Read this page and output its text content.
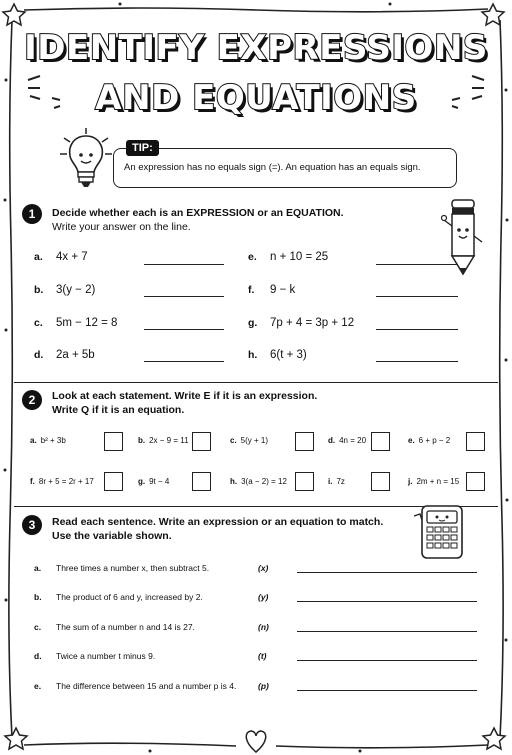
IDENTIFY EXPRESSIONS
AND EQUATIONS
TIP:
An expression has no equals sign (=). An equation has an equals sign.
1	Decide whether each is an EXPRESSION or an EQUATION.
Write your answer on the line.
a. 4x + 7	e. n + 10 = 25
b. 3(y − 2)	f. 9 − k
c. 5m − 12 = 8	g. 7p + 4 = 3p + 12
d. 2a + 5b	h. 6(t + 3)
2	Look at each statement. Write E if it is an expression.
Write Q if it is an equation.
a. b² + 3b	b. 2x − 9 = 11	c. 5(y + 1)	d. 4n = 20	e. 6 + p − 2
f. 8r + 5 = 2r + 17	g. 9t − 4	h. 3(a − 2) = 12	i. 7z	j. 2m + n = 15
3	Read each sentence. Write an expression or an equation to match.
Use the variable shown.
a. Three times a number x, then subtract 5.	(x)
b. The product of 6 and y, increased by 2.	(y)
c. The sum of a number n and 14 is 27.	(n)
d. Twice a number t minus 9.	(t)
e. The difference between 15 and a number p is 4.	(p)
